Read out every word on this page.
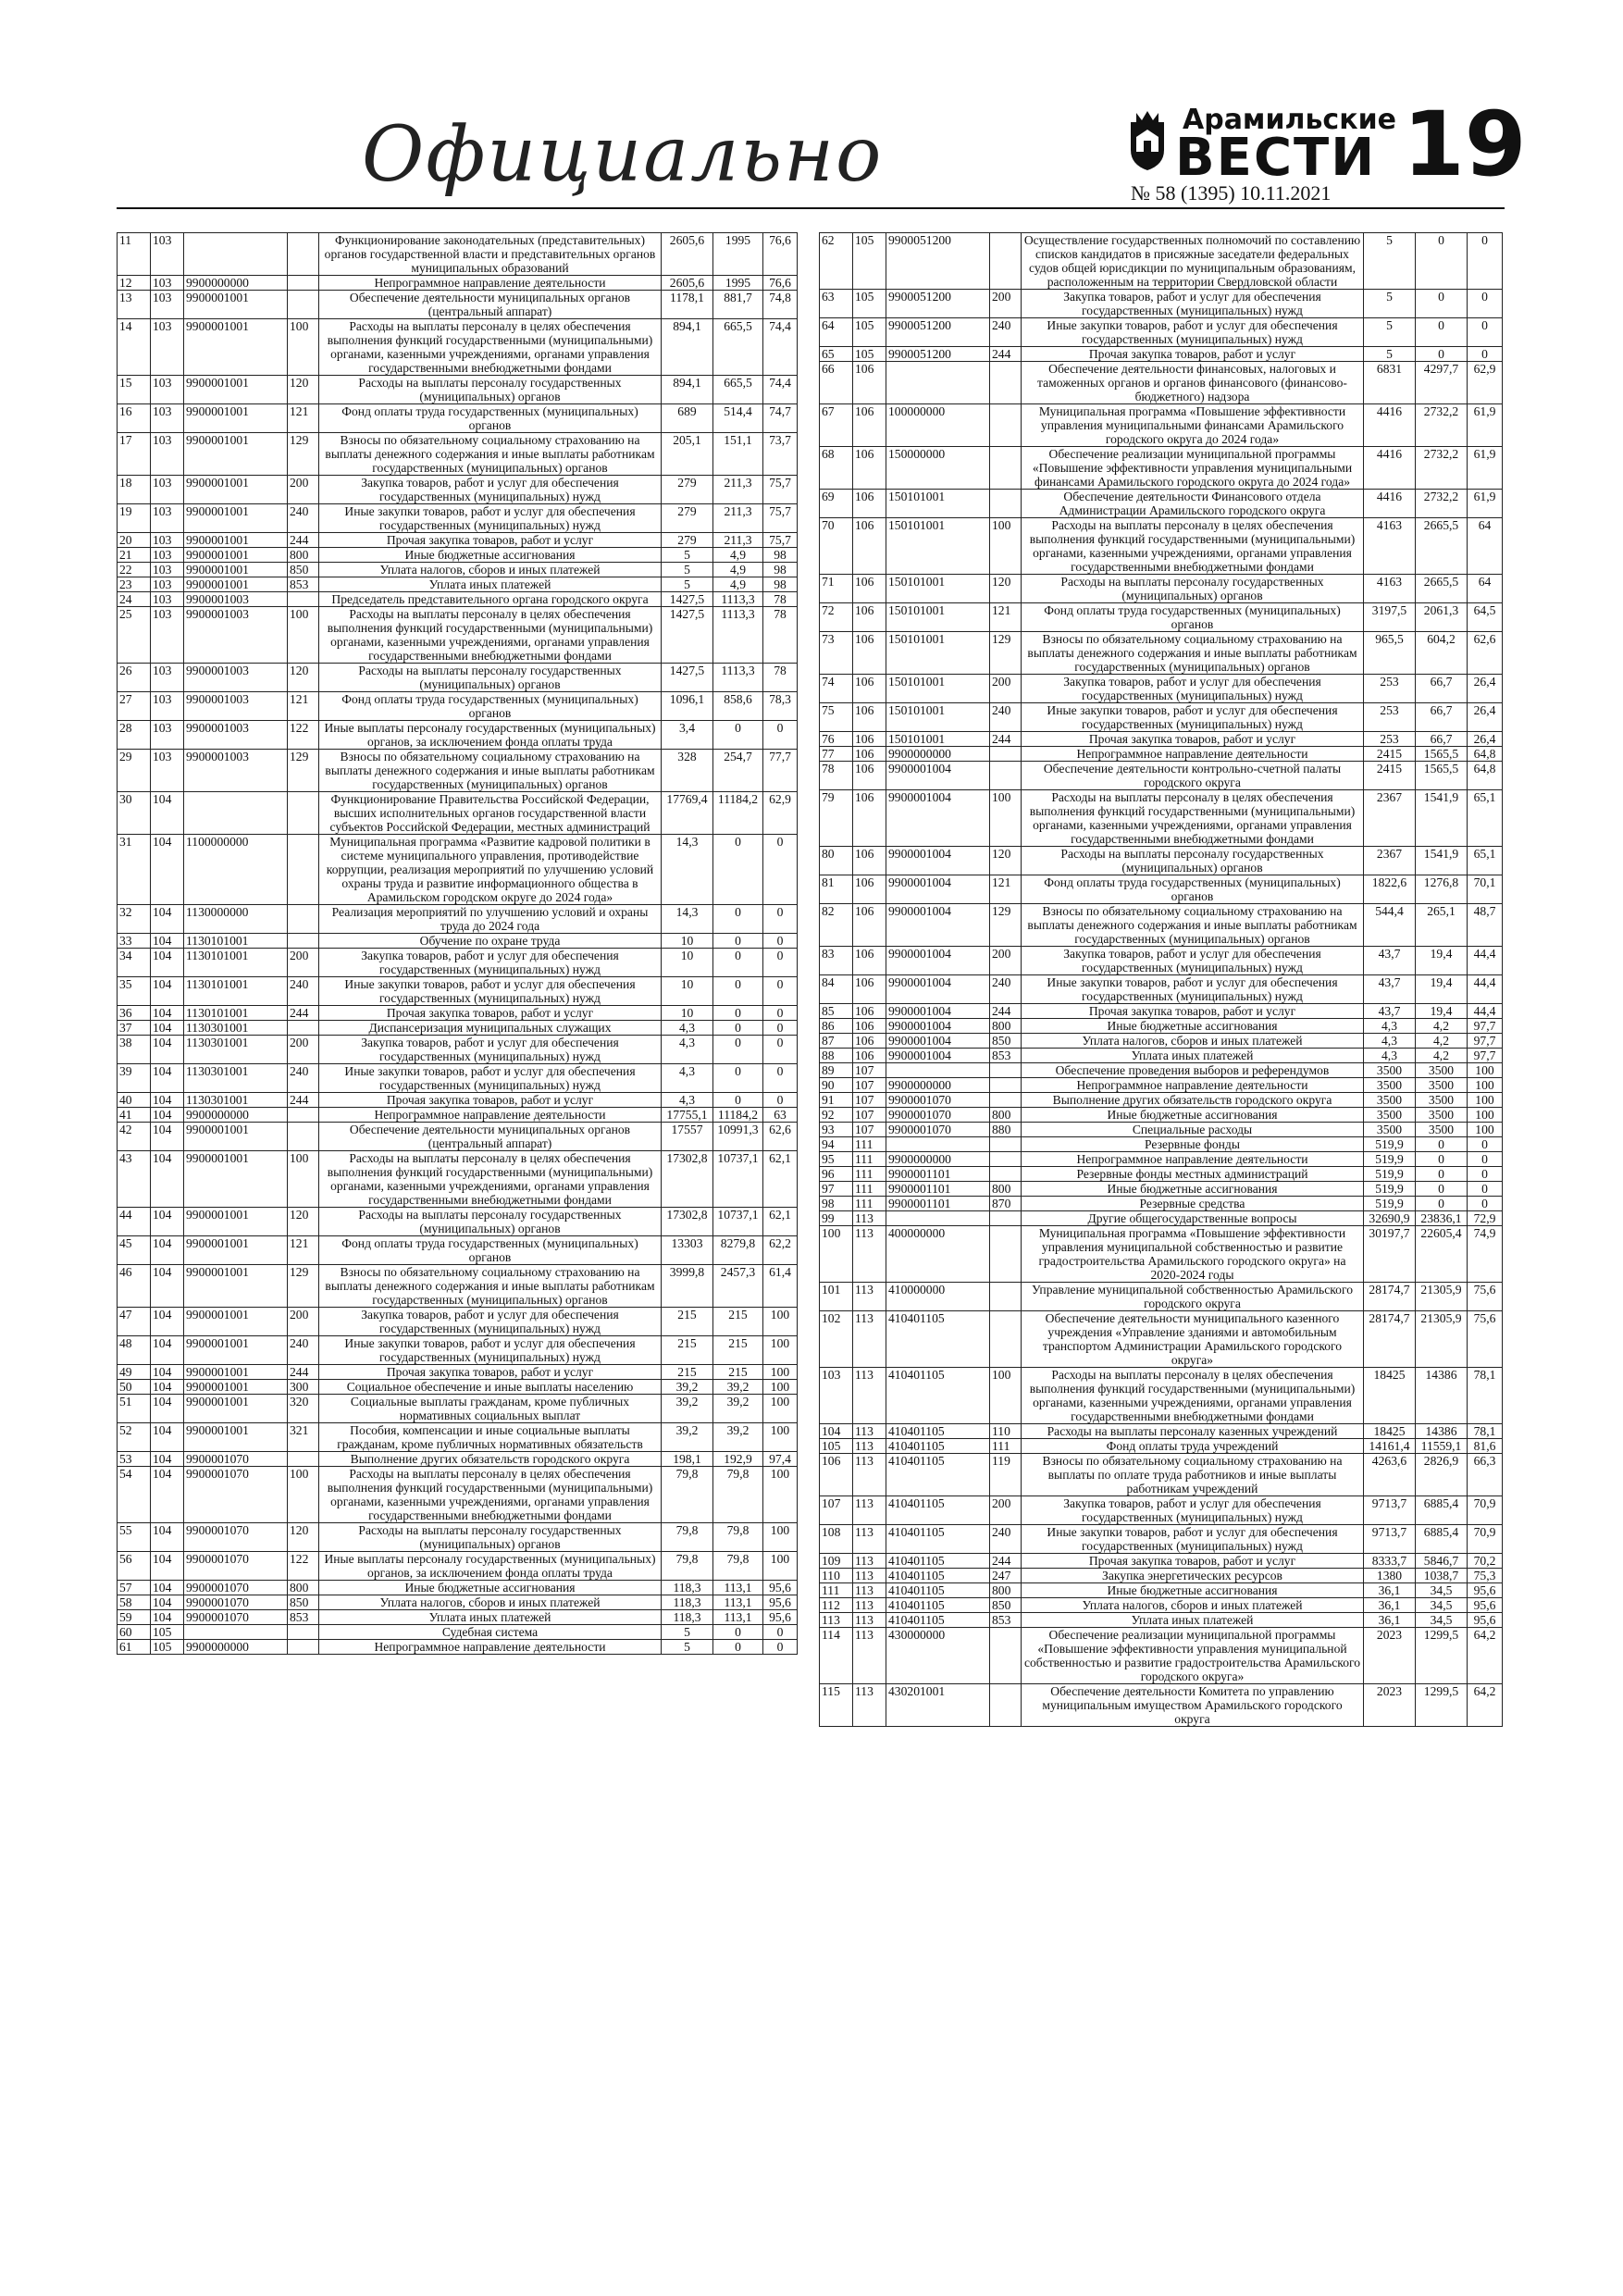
Официально	Арамильские
ВЕСТИ
№ 58 (1395) 10.11.2021 19
11	103			Функционирование законодательных (представительных) органов государственной власти и представительных органов муниципальных образований	2605,6	1995	76,6
12	103	9900000000		Непрограммное направление деятельности	2605,6	1995	76,6
13	103	9900001001		Обеспечение деятельности муниципальных органов (центральный аппарат)	1178,1	881,7	74,8
14	103	9900001001	100	Расходы на выплаты персоналу в целях обеспечения выполнения функций государственными (муниципальными) органами, казенными учреждениями, органами управления государственными внебюджетными фондами	894,1	665,5	74,4
15	103	9900001001	120	Расходы на выплаты персоналу государственных (муниципальных) органов	894,1	665,5	74,4
16	103	9900001001	121	Фонд оплаты труда государственных (муниципальных) органов	689	514,4	74,7
17	103	9900001001	129	Взносы по обязательному социальному страхованию на выплаты денежного содержания и иные выплаты работникам государственных (муниципальных) органов	205,1	151,1	73,7
18	103	9900001001	200	Закупка товаров, работ и услуг для обеспечения государственных (муниципальных) нужд	279	211,3	75,7
19	103	9900001001	240	Иные закупки товаров, работ и услуг для обеспечения государственных (муниципальных) нужд	279	211,3	75,7
20	103	9900001001	244	Прочая закупка товаров, работ и услуг	279	211,3	75,7
21	103	9900001001	800	Иные бюджетные ассигнования	5	4,9	98
22	103	9900001001	850	Уплата налогов, сборов и иных платежей	5	4,9	98
23	103	9900001001	853	Уплата иных платежей	5	4,9	98
24	103	9900001003		Председатель представительного органа городского округа	1427,5	1113,3	78
25	103	9900001003	100	Расходы на выплаты персоналу в целях обеспечения выполнения функций государственными (муниципальными) органами, казенными учреждениями, органами управления государственными внебюджетными фондами	1427,5	1113,3	78
26	103	9900001003	120	Расходы на выплаты персоналу государственных (муниципальных) органов	1427,5	1113,3	78
27	103	9900001003	121	Фонд оплаты труда государственных (муниципальных) органов	1096,1	858,6	78,3
28	103	9900001003	122	Иные выплаты персоналу государственных (муниципальных) органов, за исключением фонда оплаты труда	3,4	0	0
29	103	9900001003	129	Взносы по обязательному социальному страхованию на выплаты денежного содержания и иные выплаты работникам государственных (муниципальных) органов	328	254,7	77,7
30	104			Функционирование Правительства Российской Федерации, высших исполнительных органов государственной власти субъектов Российской Федерации, местных администраций	17769,4	11184,2	62,9
31	104	1100000000		Муниципальная программа «Развитие кадровой политики в системе муниципального управления, противодействие коррупции, реализация мероприятий по улучшению условий охраны труда и развитие информационного общества в Арамильском городском округе до 2024 года»	14,3	0	0
32	104	1130000000		Реализация мероприятий по улучшению условий и охраны труда до 2024 года	14,3	0	0
33	104	1130101001		Обучение по охране труда	10	0	0
34	104	1130101001	200	Закупка товаров, работ и услуг для обеспечения государственных (муниципальных) нужд	10	0	0
35	104	1130101001	240	Иные закупки товаров, работ и услуг для обеспечения государственных (муниципальных) нужд	10	0	0
36	104	1130101001	244	Прочая закупка товаров, работ и услуг	10	0	0
37	104	1130301001		Диспансеризация муниципальных служащих	4,3	0	0
38	104	1130301001	200	Закупка товаров, работ и услуг для обеспечения государственных (муниципальных) нужд	4,3	0	0
39	104	1130301001	240	Иные закупки товаров, работ и услуг для обеспечения государственных (муниципальных) нужд	4,3	0	0
40	104	1130301001	244	Прочая закупка товаров, работ и услуг	4,3	0	0
41	104	9900000000		Непрограммное направление деятельности	17755,1	11184,2	63
42	104	9900001001		Обеспечение деятельности муниципальных органов (центральный аппарат)	17557	10991,3	62,6
43	104	9900001001	100	Расходы на выплаты персоналу в целях обеспечения выполнения функций государственными (муниципальными) органами, казенными учреждениями, органами управления государственными внебюджетными фондами	17302,8	10737,1	62,1
44	104	9900001001	120	Расходы на выплаты персоналу государственных (муниципальных) органов	17302,8	10737,1	62,1
45	104	9900001001	121	Фонд оплаты труда государственных (муниципальных) органов	13303	8279,8	62,2
46	104	9900001001	129	Взносы по обязательному социальному страхованию на выплаты денежного содержания и иные выплаты работникам государственных (муниципальных) органов	3999,8	2457,3	61,4
47	104	9900001001	200	Закупка товаров, работ и услуг для обеспечения государственных (муниципальных) нужд	215	215	100
48	104	9900001001	240	Иные закупки товаров, работ и услуг для обеспечения государственных (муниципальных) нужд	215	215	100
49	104	9900001001	244	Прочая закупка товаров, работ и услуг	215	215	100
50	104	9900001001	300	Социальное обеспечение и иные выплаты населению	39,2	39,2	100
51	104	9900001001	320	Социальные выплаты гражданам, кроме публичных нормативных социальных выплат	39,2	39,2	100
52	104	9900001001	321	Пособия, компенсации и иные социальные выплаты гражданам, кроме публичных нормативных обязательств	39,2	39,2	100
53	104	9900001070		Выполнение других обязательств городского округа	198,1	192,9	97,4
54	104	9900001070	100	Расходы на выплаты персоналу в целях обеспечения выполнения функций государственными (муниципальными) органами, казенными учреждениями, органами управления государственными внебюджетными фондами	79,8	79,8	100
55	104	9900001070	120	Расходы на выплаты персоналу государственных (муниципальных) органов	79,8	79,8	100
56	104	9900001070	122	Иные выплаты персоналу государственных (муниципальных) органов, за исключением фонда оплаты труда	79,8	79,8	100
57	104	9900001070	800	Иные бюджетные ассигнования	118,3	113,1	95,6
58	104	9900001070	850	Уплата налогов, сборов и иных платежей	118,3	113,1	95,6
59	104	9900001070	853	Уплата иных платежей	118,3	113,1	95,6
60	105			Судебная система	5	0	0
61	105	9900000000		Непрограммное направление деятельности	5	0	0
62	105	9900051200		Осуществление государственных полномочий по составлению списков кандидатов в присяжные заседатели федеральных судов общей юрисдикции по муниципальным образованиям, расположенным на территории Свердловской области	5	0	0
63	105	9900051200	200	Закупка товаров, работ и услуг для обеспечения государственных (муниципальных) нужд	5	0	0
64	105	9900051200	240	Иные закупки товаров, работ и услуг для обеспечения государственных (муниципальных) нужд	5	0	0
65	105	9900051200	244	Прочая закупка товаров, работ и услуг	5	0	0
66	106			Обеспечение деятельности финансовых, налоговых и таможенных органов и органов финансового (финансово-бюджетного) надзора	6831	4297,7	62,9
67	106	100000000		Муниципальная программа «Повышение эффективности управления муниципальными финансами Арамильского городского округа до 2024 года»	4416	2732,2	61,9
68	106	150000000		Обеспечение реализации муниципальной программы «Повышение эффективности управления муниципальными финансами Арамильского городского округа до 2024 года»	4416	2732,2	61,9
69	106	150101001		Обеспечение деятельности Финансового отдела Администрации Арамильского городского округа	4416	2732,2	61,9
70	106	150101001	100	Расходы на выплаты персоналу в целях обеспечения выполнения функций государственными (муниципальными) органами, казенными учреждениями, органами управления государственными внебюджетными фондами	4163	2665,5	64
71	106	150101001	120	Расходы на выплаты персоналу государственных (муниципальных) органов	4163	2665,5	64
72	106	150101001	121	Фонд оплаты труда государственных (муниципальных) органов	3197,5	2061,3	64,5
73	106	150101001	129	Взносы по обязательному социальному страхованию на выплаты денежного содержания и иные выплаты работникам государственных (муниципальных) органов	965,5	604,2	62,6
74	106	150101001	200	Закупка товаров, работ и услуг для обеспечения государственных (муниципальных) нужд	253	66,7	26,4
75	106	150101001	240	Иные закупки товаров, работ и услуг для обеспечения государственных (муниципальных) нужд	253	66,7	26,4
76	106	150101001	244	Прочая закупка товаров, работ и услуг	253	66,7	26,4
77	106	9900000000		Непрограммное направление деятельности	2415	1565,5	64,8
78	106	9900001004		Обеспечение деятельности контрольно-счетной палаты городского округа	2415	1565,5	64,8
79	106	9900001004	100	Расходы на выплаты персоналу в целях обеспечения выполнения функций государственными (муниципальными) органами, казенными учреждениями, органами управления государственными внебюджетными фондами	2367	1541,9	65,1
80	106	9900001004	120	Расходы на выплаты персоналу государственных (муниципальных) органов	2367	1541,9	65,1
81	106	9900001004	121	Фонд оплаты труда государственных (муниципальных) органов	1822,6	1276,8	70,1
82	106	9900001004	129	Взносы по обязательному социальному страхованию на выплаты денежного содержания и иные выплаты работникам государственных (муниципальных) органов	544,4	265,1	48,7
83	106	9900001004	200	Закупка товаров, работ и услуг для обеспечения государственных (муниципальных) нужд	43,7	19,4	44,4
84	106	9900001004	240	Иные закупки товаров, работ и услуг для обеспечения государственных (муниципальных) нужд	43,7	19,4	44,4
85	106	9900001004	244	Прочая закупка товаров, работ и услуг	43,7	19,4	44,4
86	106	9900001004	800	Иные бюджетные ассигнования	4,3	4,2	97,7
87	106	9900001004	850	Уплата налогов, сборов и иных платежей	4,3	4,2	97,7
88	106	9900001004	853	Уплата иных платежей	4,3	4,2	97,7
89	107			Обеспечение проведения выборов и референдумов	3500	3500	100
90	107	9900000000		Непрограммное направление деятельности	3500	3500	100
91	107	9900001070		Выполнение других обязательств городского округа	3500	3500	100
92	107	9900001070	800	Иные бюджетные ассигнования	3500	3500	100
93	107	9900001070	880	Специальные расходы	3500	3500	100
94	111			Резервные фонды	519,9	0	0
95	111	9900000000		Непрограммное направление деятельности	519,9	0	0
96	111	9900001101		Резервные фонды местных администраций	519,9	0	0
97	111	9900001101	800	Иные бюджетные ассигнования	519,9	0	0
98	111	9900001101	870	Резервные средства	519,9	0	0
99	113			Другие общегосударственные вопросы	32690,9	23836,1	72,9
100	113	400000000		Муниципальная программа «Повышение эффективности управления муниципальной собственностью и развитие градостроительства Арамильского городского округа» на 2020-2024 годы	30197,7	22605,4	74,9
101	113	410000000		Управление муниципальной собственностью Арамильского городского округа	28174,7	21305,9	75,6
102	113	410401105		Обеспечение деятельности муниципального казенного учреждения «Управление зданиями и автомобильным транспортом Администрации Арамильского городского округа»	28174,7	21305,9	75,6
103	113	410401105	100	Расходы на выплаты персоналу в целях обеспечения выполнения функций государственными (муниципальными) органами, казенными учреждениями, органами управления государственными внебюджетными фондами	18425	14386	78,1
104	113	410401105	110	Расходы на выплаты персоналу казенных учреждений	18425	14386	78,1
105	113	410401105	111	Фонд оплаты труда учреждений	14161,4	11559,1	81,6
106	113	410401105	119	Взносы по обязательному социальному страхованию на выплаты по оплате труда работников и иные выплаты работникам учреждений	4263,6	2826,9	66,3
107	113	410401105	200	Закупка товаров, работ и услуг для обеспечения государственных (муниципальных) нужд	9713,7	6885,4	70,9
108	113	410401105	240	Иные закупки товаров, работ и услуг для обеспечения государственных (муниципальных) нужд	9713,7	6885,4	70,9
109	113	410401105	244	Прочая закупка товаров, работ и услуг	8333,7	5846,7	70,2
110	113	410401105	247	Закупка энергетических ресурсов	1380	1038,7	75,3
111	113	410401105	800	Иные бюджетные ассигнования	36,1	34,5	95,6
112	113	410401105	850	Уплата налогов, сборов и иных платежей	36,1	34,5	95,6
113	113	410401105	853	Уплата иных платежей	36,1	34,5	95,6
114	113	430000000		Обеспечение реализации муниципальной программы «Повышение эффективности управления муниципальной собственностью и развитие градостроительства Арамильского городского округа»	2023	1299,5	64,2
115	113	430201001		Обеспечение деятельности Комитета по управлению муниципальным имуществом Арамильского городского округа	2023	1299,5	64,2
